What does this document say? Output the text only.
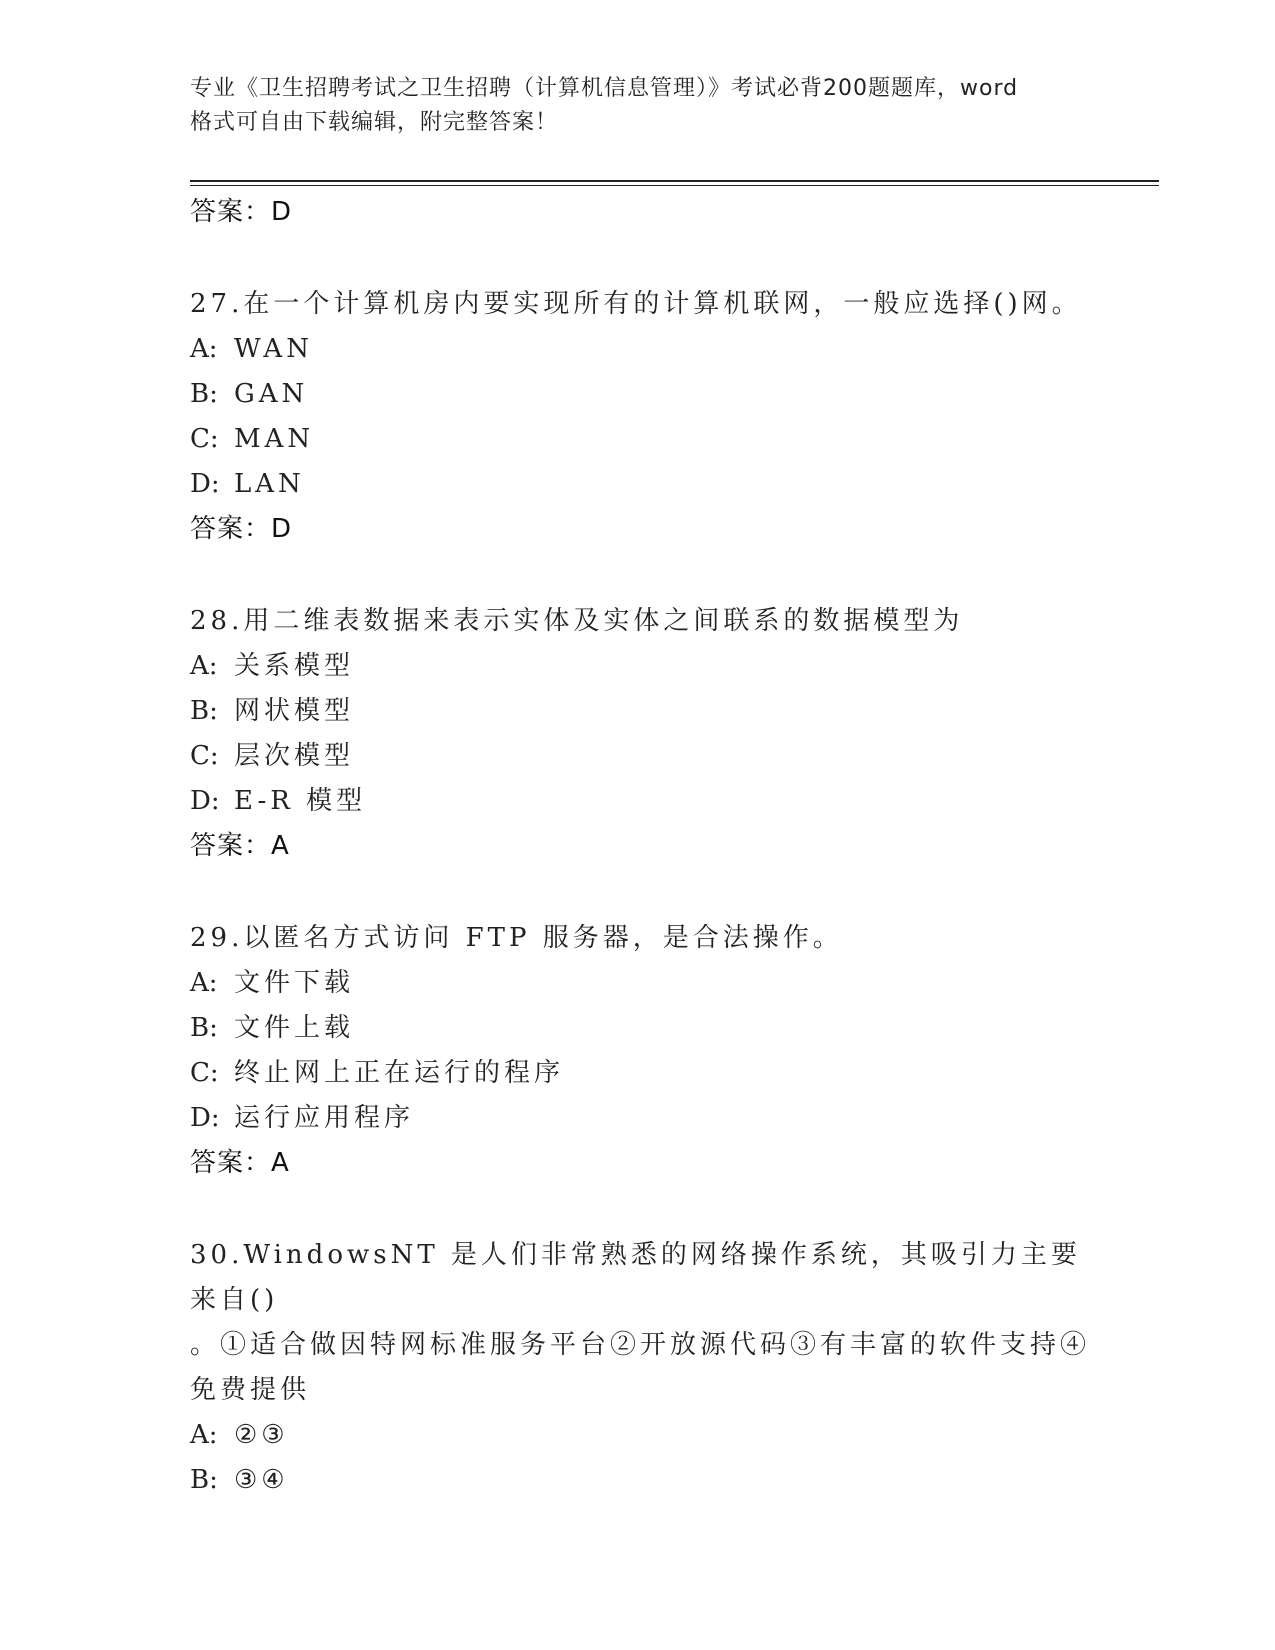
专业《卫生招聘考试之卫生招聘（计算机信息管理）》考试必背200题题库，word
格式可自由下载编辑，附完整答案！
答案：D
27.在一个计算机房内要实现所有的计算机联网，一般应选择()网。
A: WAN
B: GAN
C: MAN
D: LAN
答案：D
28.用二维表数据来表示实体及实体之间联系的数据模型为
A: 关系模型
B: 网状模型
C: 层次模型
D: E-R 模型
答案：A
29.以匿名方式访问 FTP 服务器，是合法操作。
A: 文件下载
B: 文件上载
C: 终止网上正在运行的程序
D: 运行应用程序
答案：A
30.WindowsNT 是人们非常熟悉的网络操作系统，其吸引力主要来自()
。①适合做因特网标准服务平台②开放源代码③有丰富的软件支持④
免费提供
A: ②③
B: ③④
